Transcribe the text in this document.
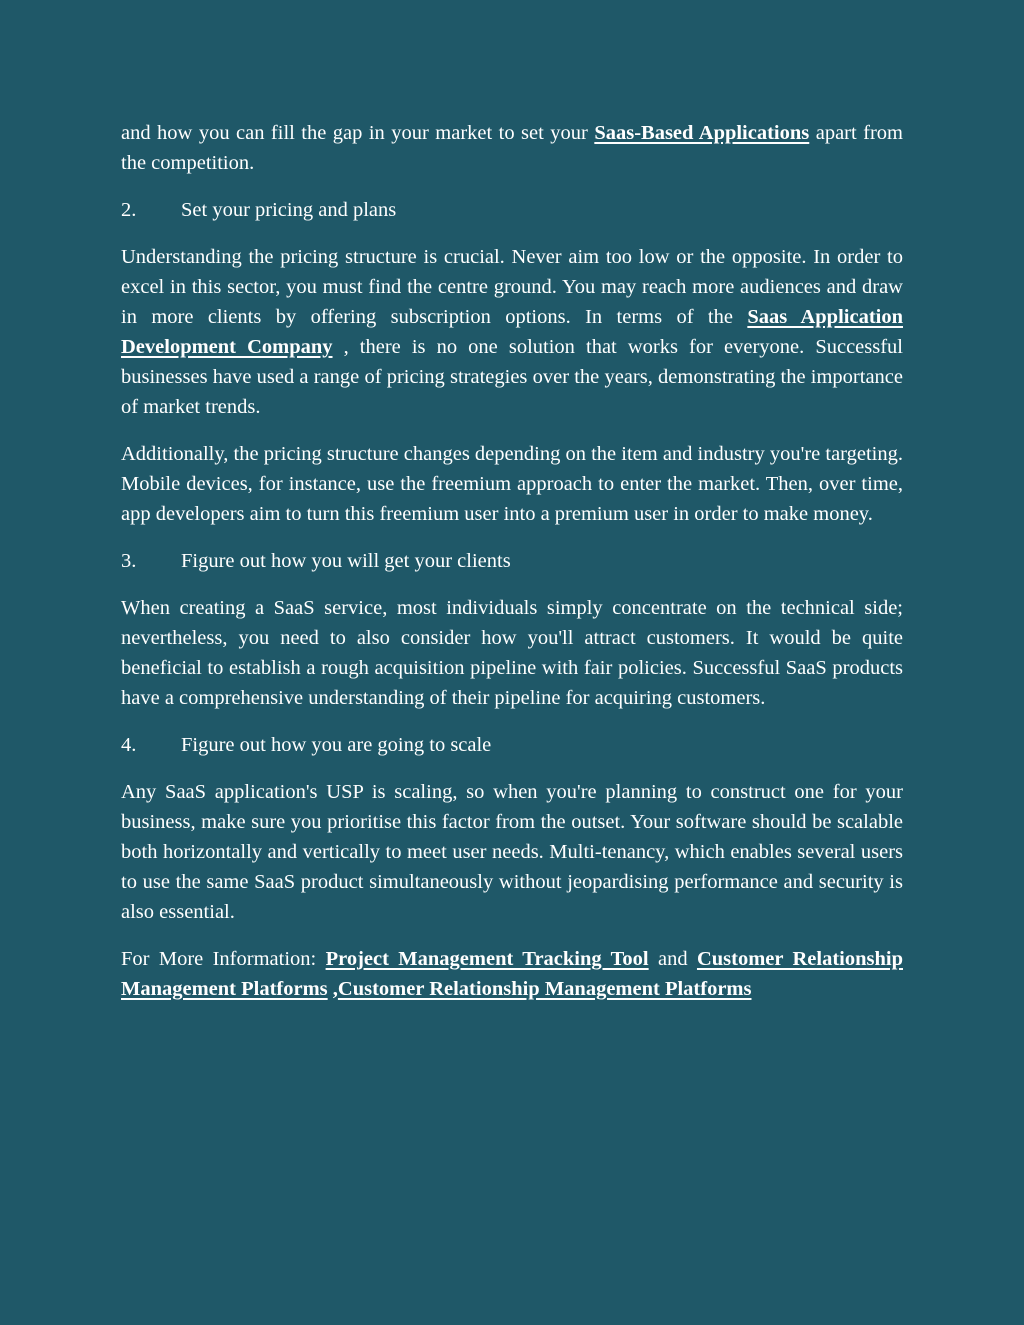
and how you can fill the gap in your market to set your Saas-Based Applications apart from the competition.

2.	Set your pricing and plans

Understanding the pricing structure is crucial. Never aim too low or the opposite. In order to excel in this sector, you must find the centre ground. You may reach more audiences and draw in more clients by offering subscription options. In terms of the Saas Application Development Company , there is no one solution that works for everyone. Successful businesses have used a range of pricing strategies over the years, demonstrating the importance of market trends.

Additionally, the pricing structure changes depending on the item and industry you're targeting. Mobile devices, for instance, use the freemium approach to enter the market. Then, over time, app developers aim to turn this freemium user into a premium user in order to make money.

3.	Figure out how you will get your clients

When creating a SaaS service, most individuals simply concentrate on the technical side; nevertheless, you need to also consider how you'll attract customers. It would be quite beneficial to establish a rough acquisition pipeline with fair policies. Successful SaaS products have a comprehensive understanding of their pipeline for acquiring customers.

4.	Figure out how you are going to scale

Any SaaS application's USP is scaling, so when you're planning to construct one for your business, make sure you prioritise this factor from the outset. Your software should be scalable both horizontally and vertically to meet user needs. Multi-tenancy, which enables several users to use the same SaaS product simultaneously without jeopardising performance and security is also essential.

For More Information: Project Management Tracking Tool and Customer Relationship Management Platforms ,Customer Relationship Management Platforms
